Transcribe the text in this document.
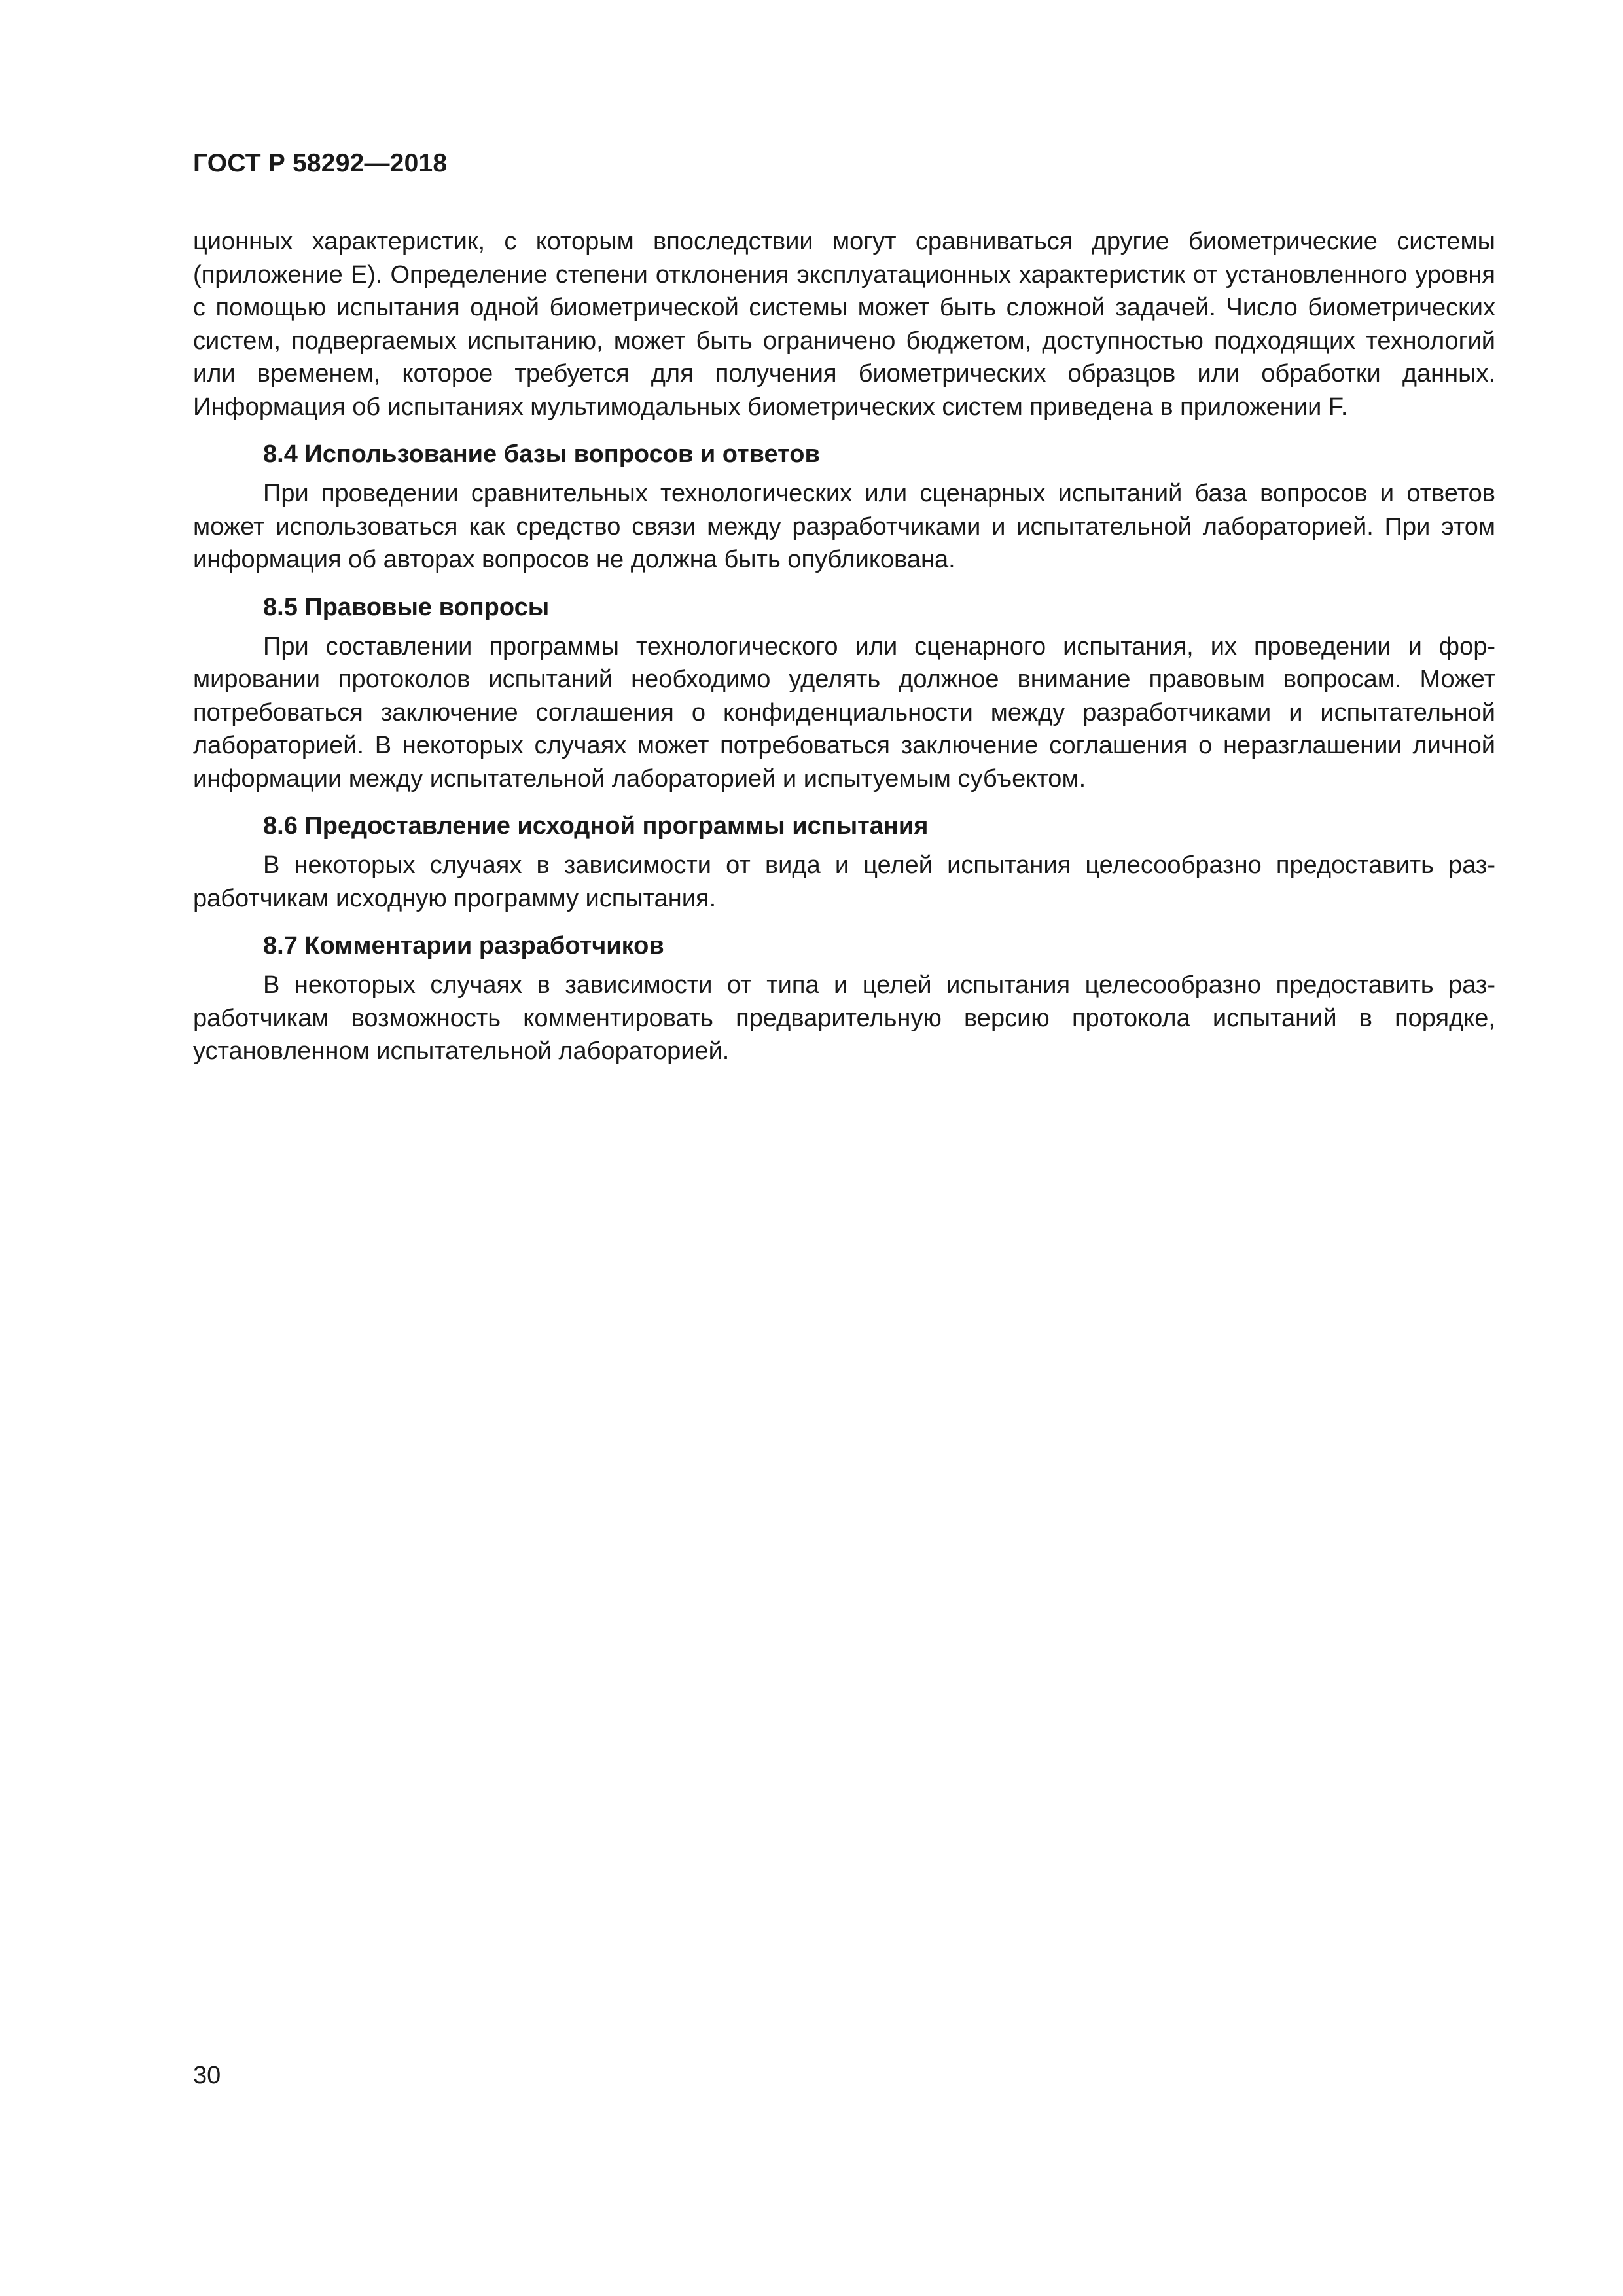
ГОСТ Р 58292—2018

ционных характеристик, с которым впоследствии могут сравниваться другие биометрические системы (приложение Е). Определение степени отклонения эксплуатационных характеристик от установленного уровня с помощью испытания одной биометрической системы может быть сложной задачей. Число биометрических систем, подвергаемых испытанию, может быть ограничено бюджетом, доступностью подходящих технологий или временем, которое требуется для получения биометрических образцов или обработки данных. Информация об испытаниях мультимодальных биометрических систем приведена в приложении F.

8.4 Использование базы вопросов и ответов

При проведении сравнительных технологических или сценарных испытаний база вопросов и ответов может использоваться как средство связи между разработчиками и испытательной лабораторией. При этом информация об авторах вопросов не должна быть опубликована.

8.5 Правовые вопросы

При составлении программы технологического или сценарного испытания, их проведении и формировании протоколов испытаний необходимо уделять должное внимание правовым вопросам. Может потребоваться заключение соглашения о конфиденциальности между разработчиками и испытательной лабораторией. В некоторых случаях может потребоваться заключение соглашения о неразглашении личной информации между испытательной лабораторией и испытуемым субъектом.

8.6 Предоставление исходной программы испытания

В некоторых случаях в зависимости от вида и целей испытания целесообразно предоставить разработчикам исходную программу испытания.

8.7 Комментарии разработчиков

В некоторых случаях в зависимости от типа и целей испытания целесообразно предоставить разработчикам возможность комментировать предварительную версию протокола испытаний в порядке, установленном испытательной лабораторией.

30
